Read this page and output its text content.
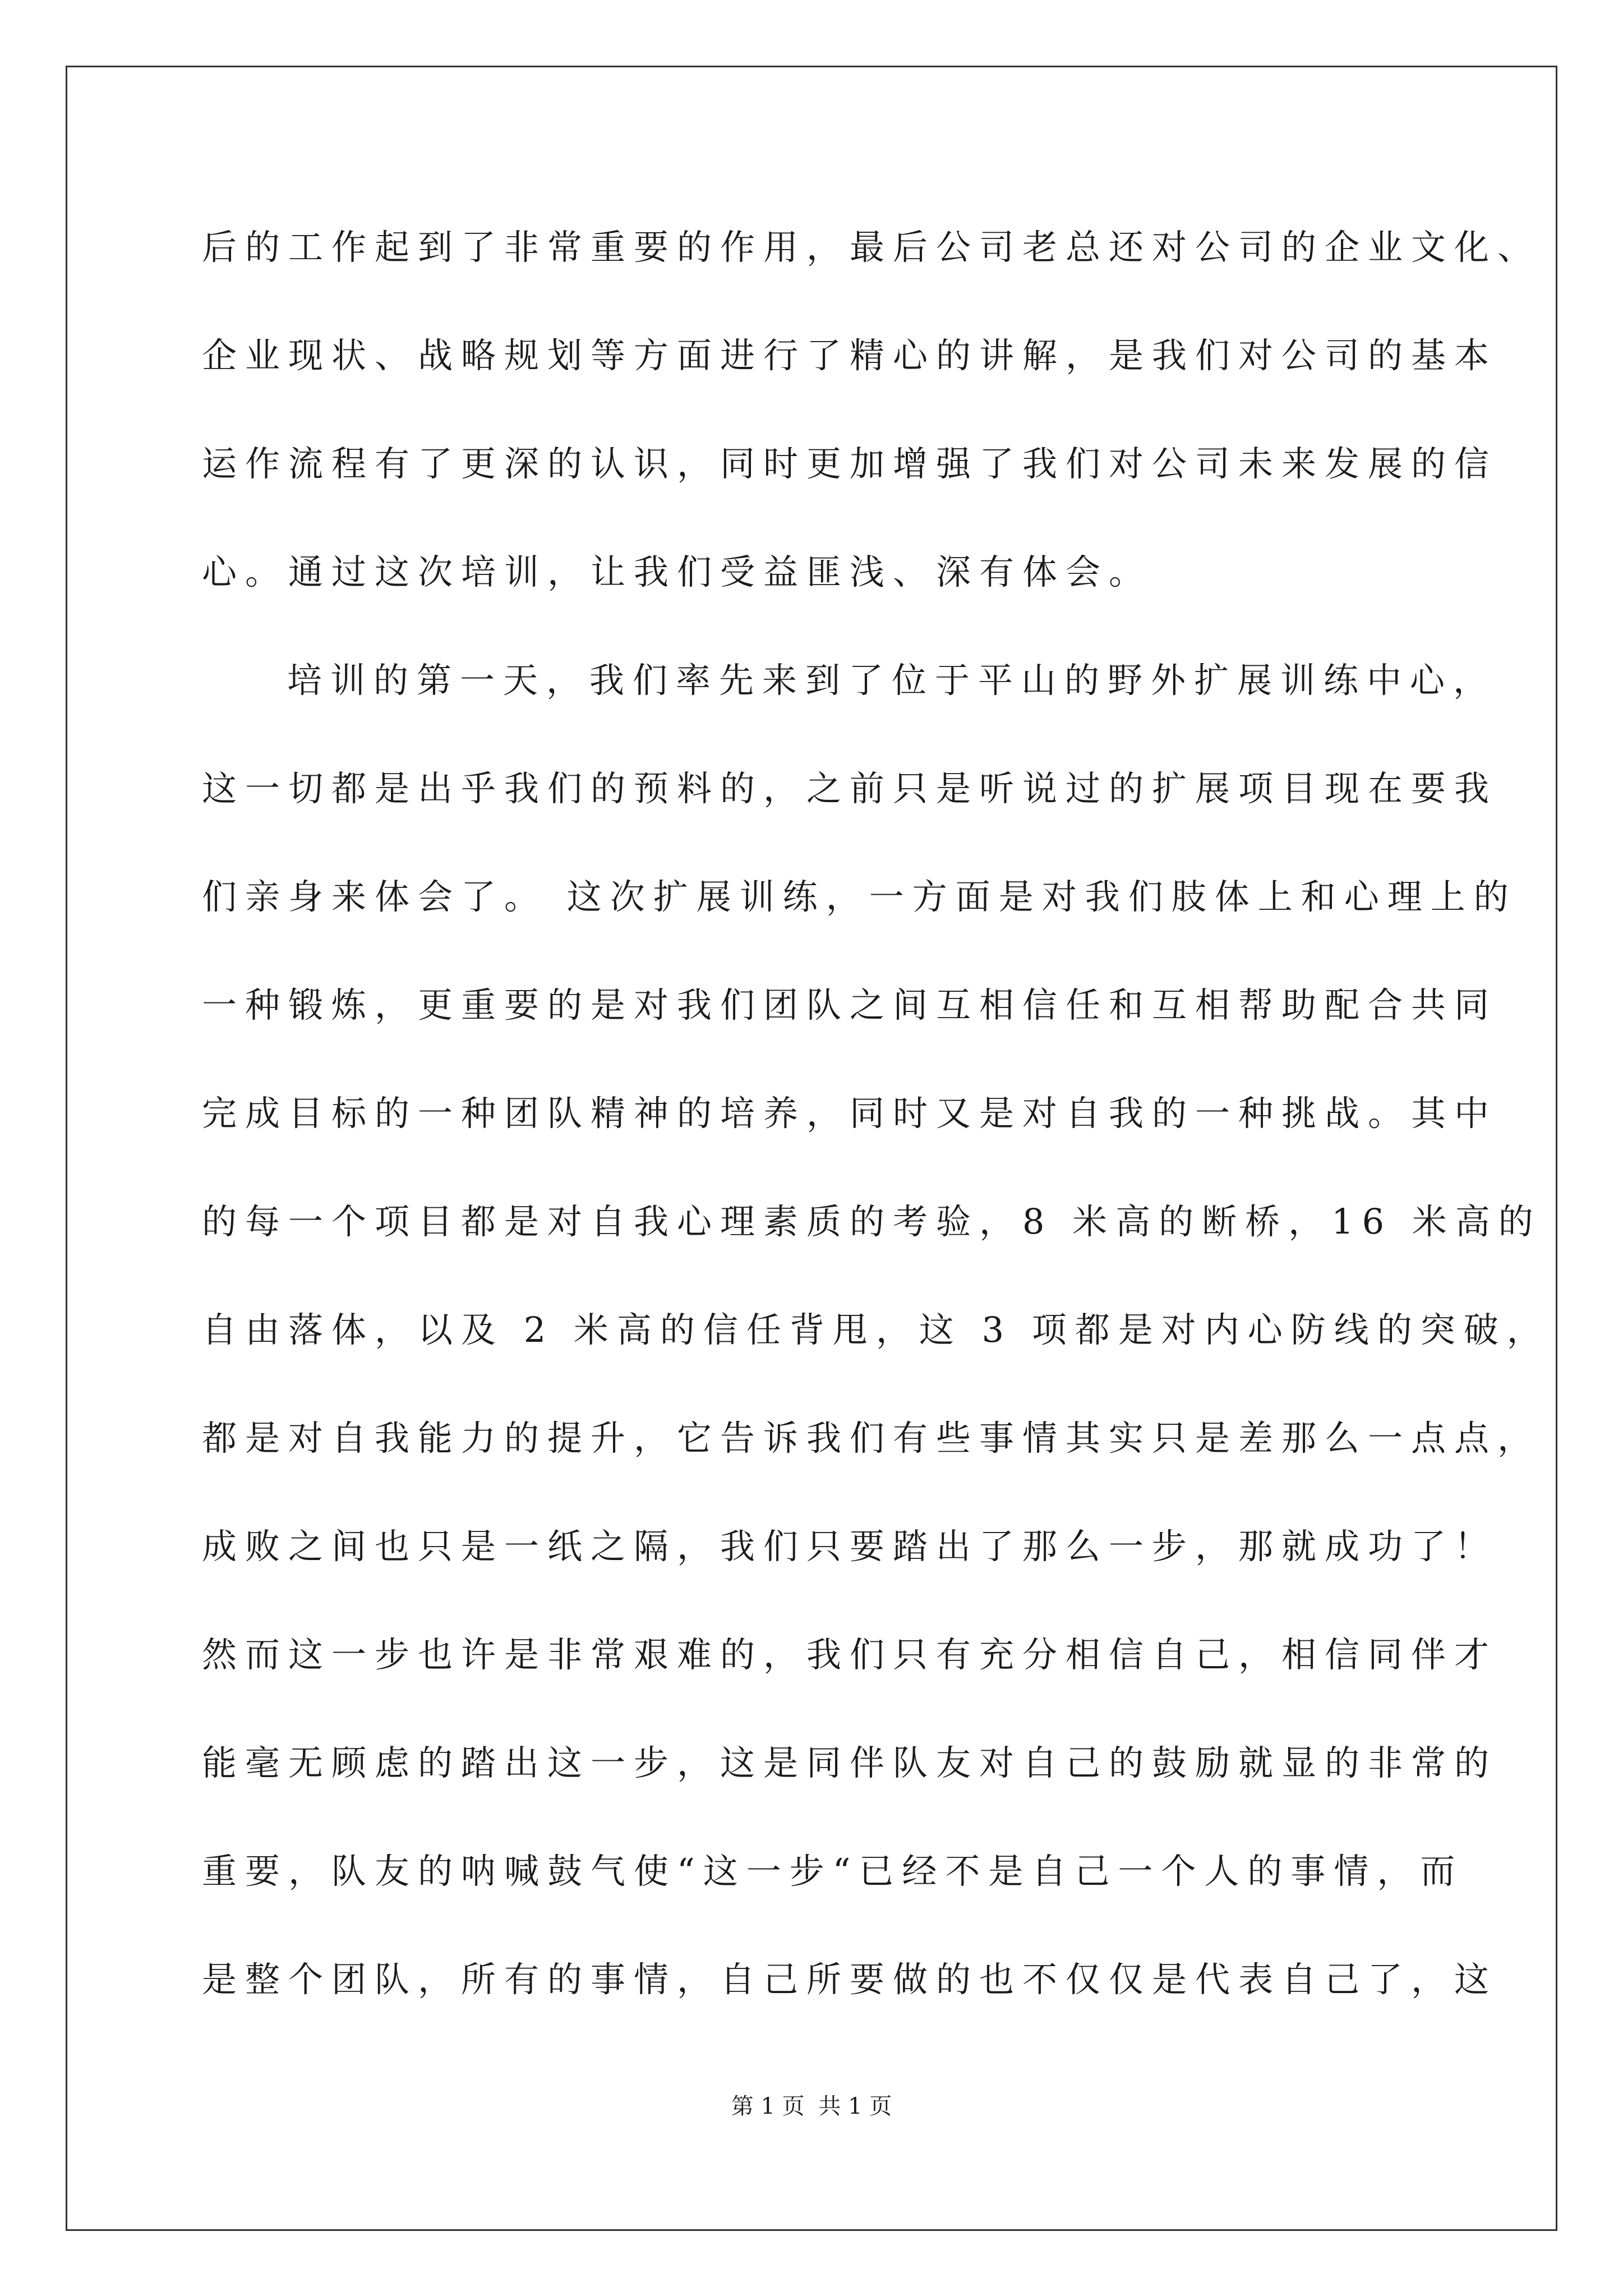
后的工作起到了非常重要的作用，最后公司老总还对公司的企业文化、
企业现状、战略规划等方面进行了精心的讲解，是我们对公司的基本
运作流程有了更深的认识，同时更加增强了我们对公司未来发展的信
心。通过这次培训，让我们受益匪浅、深有体会。
培训的第一天，我们率先来到了位于平山的野外扩展训练中心，
这一切都是出乎我们的预料的，之前只是听说过的扩展项目现在要我
们亲身来体会了。 这次扩展训练，一方面是对我们肢体上和心理上的
一种锻炼，更重要的是对我们团队之间互相信任和互相帮助配合共同
完成目标的一种团队精神的培养，同时又是对自我的一种挑战。其中
的每一个项目都是对自我心理素质的考验，8 米高的断桥，16 米高的
自由落体，以及 2 米高的信任背甩，这 3 项都是对内心防线的突破，
都是对自我能力的提升，它告诉我们有些事情其实只是差那么一点点，
成败之间也只是一纸之隔，我们只要踏出了那么一步，那就成功了！
然而这一步也许是非常艰难的，我们只有充分相信自己，相信同伴才
能毫无顾虑的踏出这一步，这是同伴队友对自己的鼓励就显的非常的
重要，队友的呐喊鼓气使“这一步“已经不是自己一个人的事情，而
是整个团队，所有的事情，自己所要做的也不仅仅是代表自己了，这
第 1 页 共 1 页
